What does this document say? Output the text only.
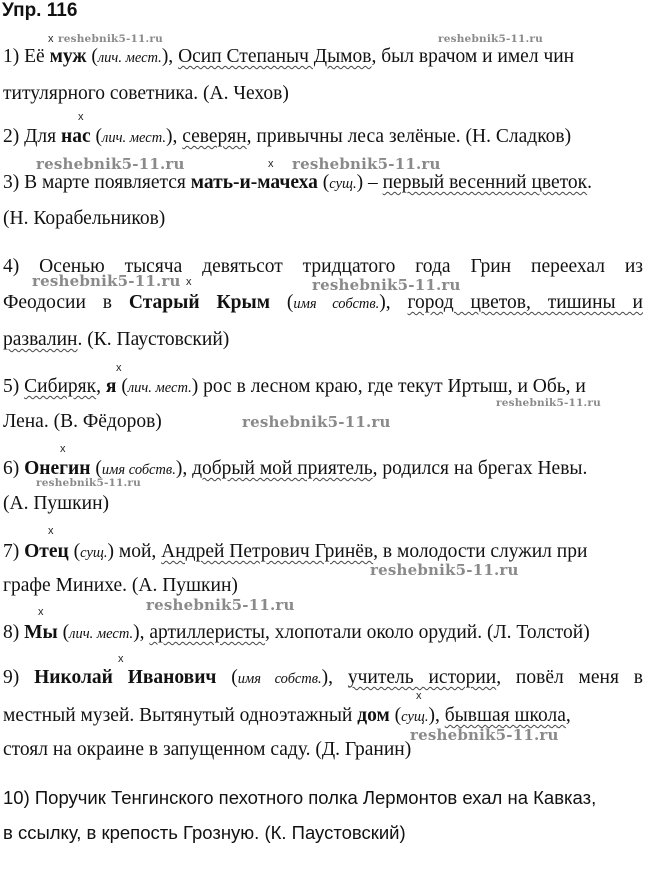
Упр. 116
x reshebnik5-11.ru	reshebnik5-11.ru
1) Её муж (лич. мест.), Осип Степаныч Дымов, был врачом и имел чин
титулярного советника. (А. Чехов)
x
2) Для нас (лич. мест.), северян, привычны леса зелёные. (Н. Сладков)
reshebnik5-11.ru	x reshebnik5-11.ru
3) В марте появляется мать-и-мачеха (сущ.) – первый весенний цветок.
(Н. Корабельников)
4) Осенью тысяча девятьсот тридцатого года Грин переехал из
reshebnik5-11.ru x	reshebnik5-11.ru
Феодосии в Старый Крым (имя собств.), город цветов, тишины и
развалин. (К. Паустовский)
x
5) Сибиряк, я (лич. мест.) рос в лесном краю, где текут Иртыш, и Обь, и
reshebnik5-11.ru
Лена. (В. Фёдоров)	reshebnik5-11.ru
x
6) Онегин (имя собств.), добрый мой приятель, родился на брегах Невы.
reshebnik5-11.ru
(А. Пушкин)
x
7) Отец (сущ.) мой, Андрей Петрович Гринёв, в молодости служил при
reshebnik5-11.ru
графе Минихе. (А. Пушкин)
reshebnik5-11.ru
x
8) Мы (лич. мест.), артиллеристы, хлопотали около орудий. (Л. Толстой)
x
9) Николай Иванович (имя собств.), учитель истории, повёл меня в
x
местный музей. Вытянутый одноэтажный дом (сущ.), бывшая школа,
reshebnik5-11.ru
стоял на окраине в запущенном саду. (Д. Гранин)
10) Поручик Тенгинского пехотного полка Лермонтов ехал на Кавказ,
в ссылку, в крепость Грозную. (К. Паустовский)
